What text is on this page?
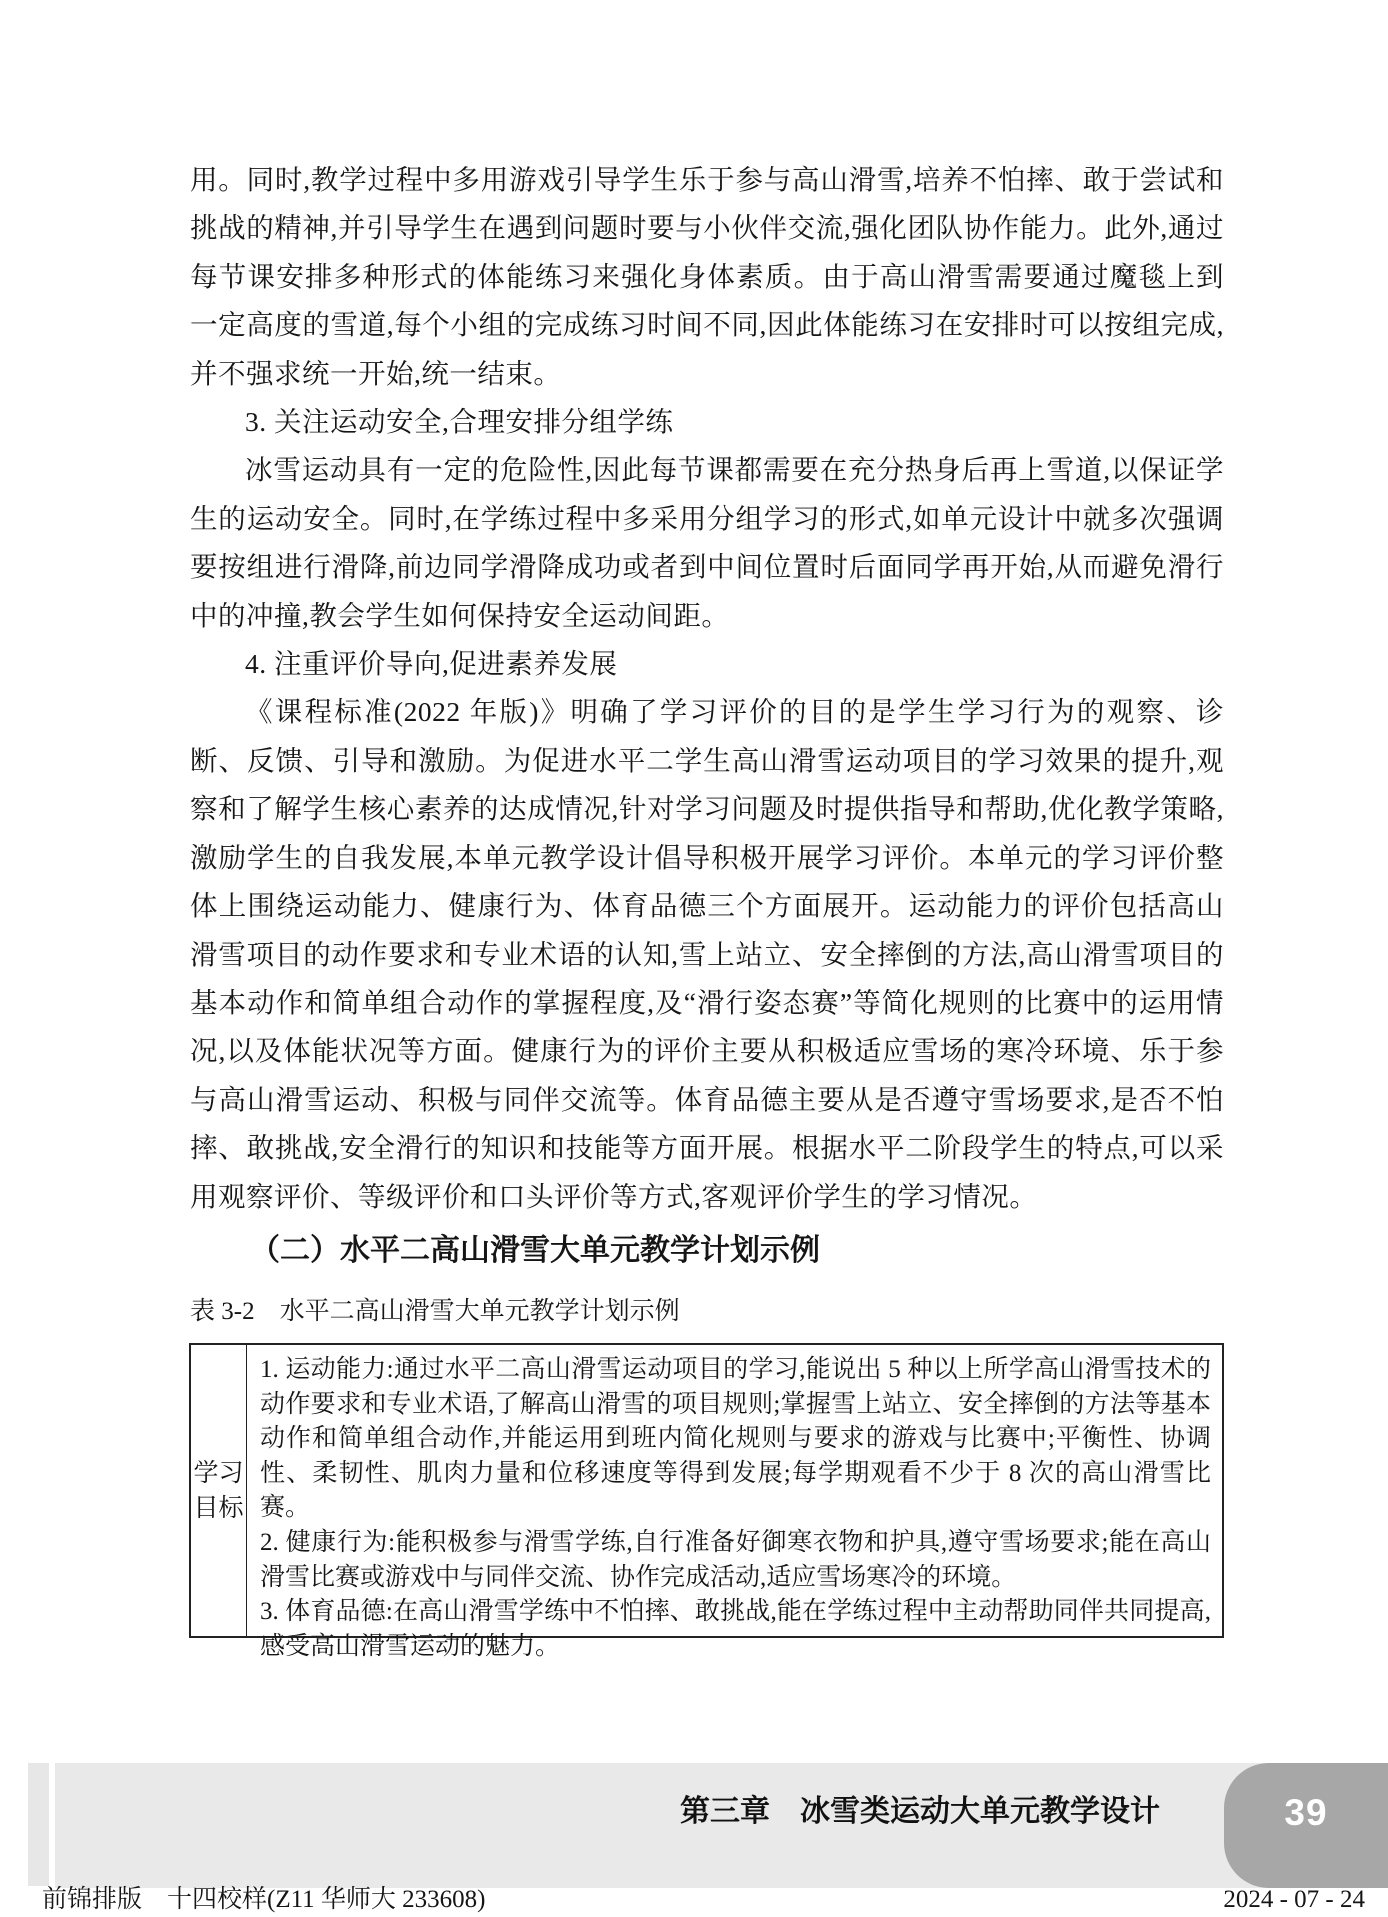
用。同时,教学过程中多用游戏引导学生乐于参与高山滑雪,培养不怕摔、敢于尝试和挑战的精神,并引导学生在遇到问题时要与小伙伴交流,强化团队协作能力。此外,通过每节课安排多种形式的体能练习来强化身体素质。由于高山滑雪需要通过魔毯上到一定高度的雪道,每个小组的完成练习时间不同,因此体能练习在安排时可以按组完成,并不强求统一开始,统一结束。

3. 关注运动安全,合理安排分组学练

冰雪运动具有一定的危险性,因此每节课都需要在充分热身后再上雪道,以保证学生的运动安全。同时,在学练过程中多采用分组学习的形式,如单元设计中就多次强调要按组进行滑降,前边同学滑降成功或者到中间位置时后面同学再开始,从而避免滑行中的冲撞,教会学生如何保持安全运动间距。

4. 注重评价导向,促进素养发展

《课程标准(2022 年版)》明确了学习评价的目的是学生学习行为的观察、诊断、反馈、引导和激励。为促进水平二学生高山滑雪运动项目的学习效果的提升,观察和了解学生核心素养的达成情况,针对学习问题及时提供指导和帮助,优化教学策略,激励学生的自我发展,本单元教学设计倡导积极开展学习评价。本单元的学习评价整体上围绕运动能力、健康行为、体育品德三个方面展开。运动能力的评价包括高山滑雪项目的动作要求和专业术语的认知,雪上站立、安全摔倒的方法,高山滑雪项目的基本动作和简单组合动作的掌握程度,及“滑行姿态赛”等简化规则的比赛中的运用情况,以及体能状况等方面。健康行为的评价主要从积极适应雪场的寒冷环境、乐于参与高山滑雪运动、积极与同伴交流等。体育品德主要从是否遵守雪场要求,是否不怕摔、敢挑战,安全滑行的知识和技能等方面开展。根据水平二阶段学生的特点,可以采用观察评价、等级评价和口头评价等方式,客观评价学生的学习情况。

（二）水平二高山滑雪大单元教学计划示例
表 3-2　水平二高山滑雪大单元教学计划示例
学习
目标

1. 运动能力:通过水平二高山滑雪运动项目的学习,能说出 5 种以上所学高山滑雪技术的动作要求和专业术语,了解高山滑雪的项目规则;掌握雪上站立、安全摔倒的方法等基本动作和简单组合动作,并能运用到班内简化规则与要求的游戏与比赛中;平衡性、协调性、柔韧性、肌肉力量和位移速度等得到发展;每学期观看不少于 8 次的高山滑雪比赛。

2. 健康行为:能积极参与滑雪学练,自行准备好御寒衣物和护具,遵守雪场要求;能在高山滑雪比赛或游戏中与同伴交流、协作完成活动,适应雪场寒冷的环境。

3. 体育品德:在高山滑雪学练中不怕摔、敢挑战,能在学练过程中主动帮助同伴共同提高,感受高山滑雪运动的魅力。

第三章　冰雪类运动大单元教学设计	39
前锦排版　十四校样(Z11 华师大 233608)	2024 - 07 - 24
